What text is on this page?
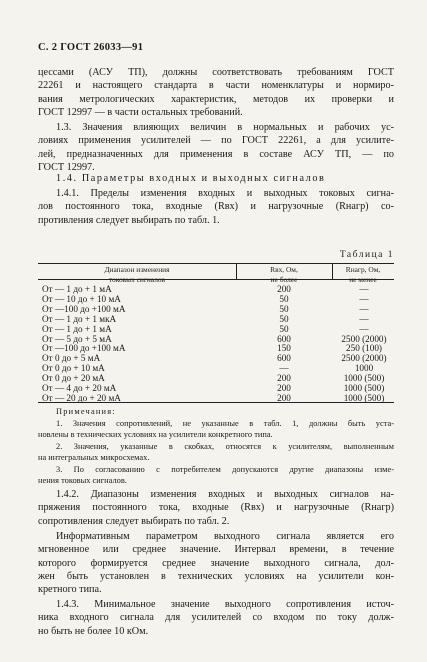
С. 2 ГОСТ 26033—91
цессами (АСУ ТП), должны соответствовать требованиям ГОСТ
22261 и настоящего стандарта в части номенклатуры и нормиро-
вания метрологических характеристик, методов их проверки и
ГОСТ 12997 — в части остальных требований.
1.3. Значения влияющих величин в нормальных и рабочих ус-
ловиях применения усилителей — по ГОСТ 22261, а для усилите-
лей, предназначенных для применения в составе АСУ ТП, — по
ГОСТ 12997.
1.4. Параметры входных и выходных сигналов
1.4.1. Пределы изменения входных и выходных токовых сигна-
лов постоянного тока, входные (Rвх) и нагрузочные (Rнагр) со-
противления следует выбирать по табл. 1.
Таблица 1
Диапазон изменения
токовых сигналов
Rвх, Ом,
не более
Rнагр, Ом,
не менее
От — 1 до + 1 мА	200	—
От — 10 до + 10 мА	50	—
От —100 до +100 мА	50	—
От — 1 до + 1 мкА	50	—
От — 1 до + 1 мА	50	—
От — 5 до + 5 мА	600	2500 (2000)
От —100 до +100 мА	150	250 (100)
От 0 до + 5 мА	600	2500 (2000)
От 0 до + 10 мА	—	1000
От 0 до + 20 мА	200	1000 (500)
От — 4 до + 20 мА	200	1000 (500)
От — 20 до + 20 мА	200	1000 (500)
Примечания:
1. Значения сопротивлений, не указанные в табл. 1, должны быть уста-
новлены в технических условиях на усилители конкретного типа.
2. Значения, указанные в скобках, относятся к усилителям, выполненным
на интегральных микросхемах.
3. По согласованию с потребителем допускаются другие диапазоны изме-
нения токовых сигналов.
1.4.2. Диапазоны изменения входных и выходных сигналов на-
пряжения постоянного тока, входные (Rвх) и нагрузочные (Rнагр)
сопротивления следует выбирать по табл. 2.
Информативным параметром выходного сигнала является его
мгновенное или среднее значение. Интервал времени, в течение
которого формируется среднее значение выходного сигнала, дол-
жен быть установлен в технических условиях на усилители кон-
кретного типа.
1.4.3. Минимальное значение выходного сопротивления источ-
ника входного сигнала для усилителей со входом по току долж-
но быть не более 10 кОм.
